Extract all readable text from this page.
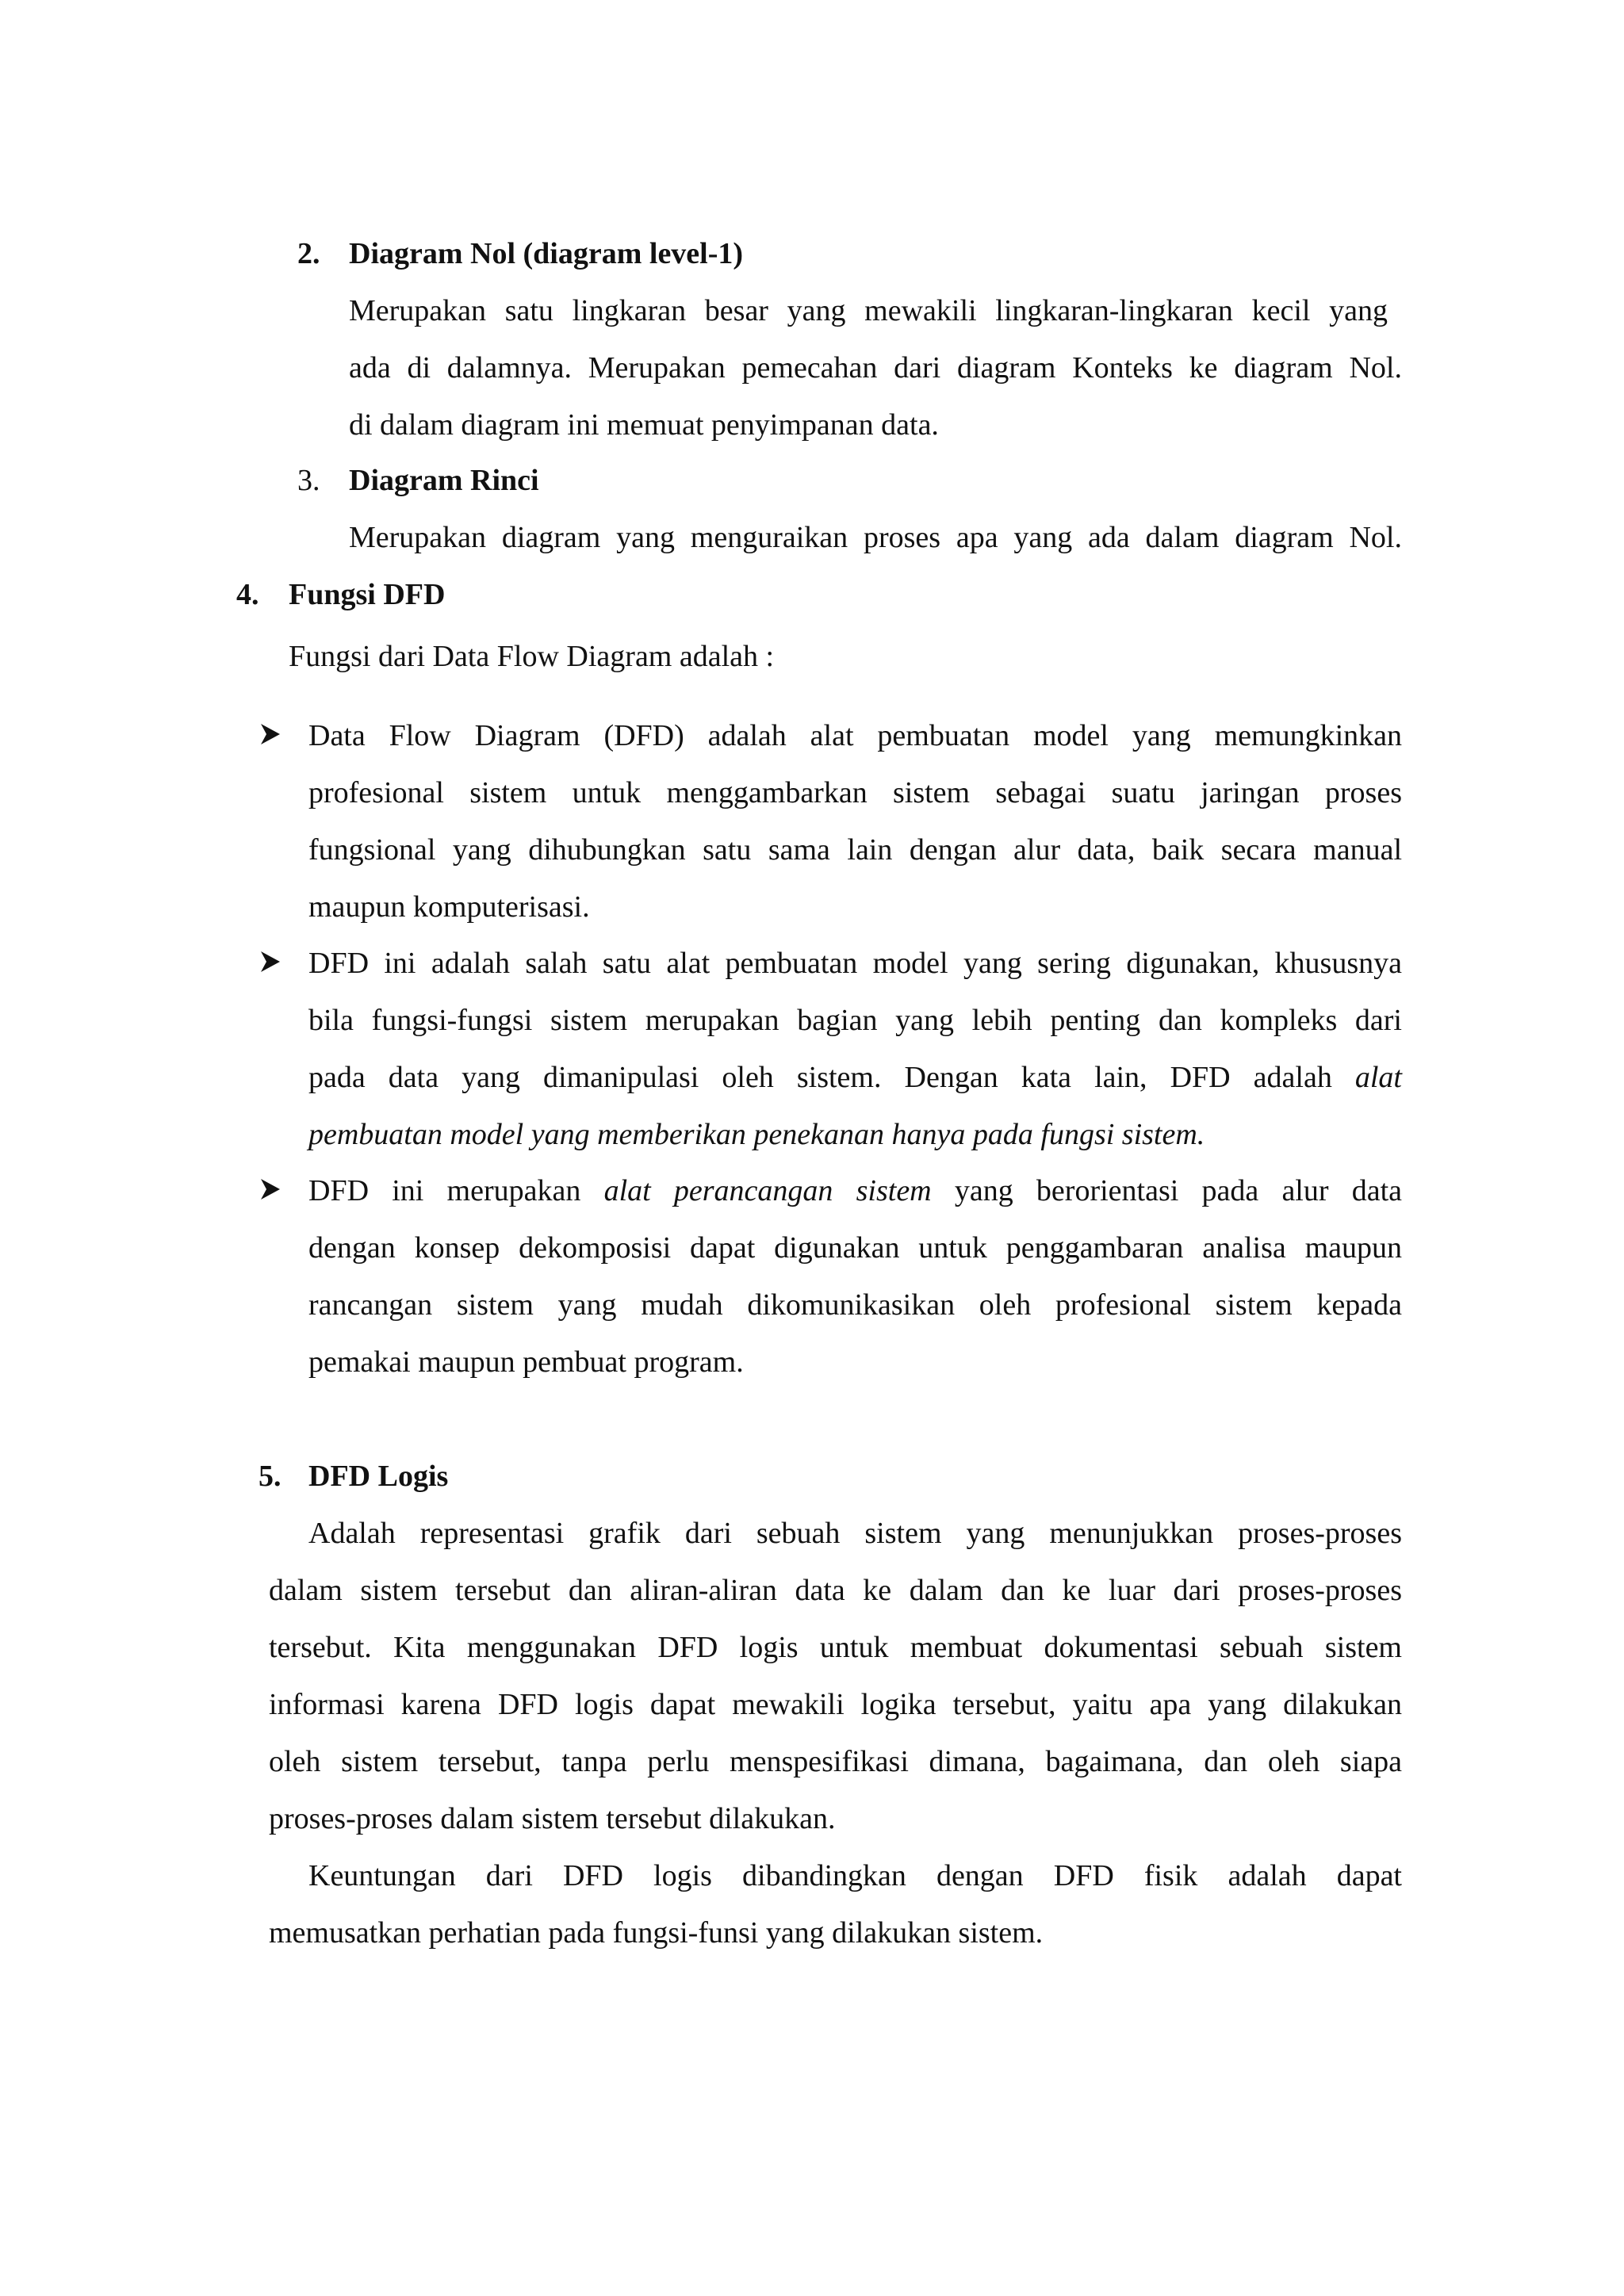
2. Diagram Nol (diagram level-1)
Merupakan satu lingkaran besar yang mewakili lingkaran-lingkaran kecil yang
ada di dalamnya. Merupakan pemecahan dari diagram Konteks ke diagram Nol.
di dalam diagram ini memuat penyimpanan data.
3. Diagram Rinci
Merupakan diagram yang menguraikan proses apa yang ada dalam diagram Nol.
4. Fungsi DFD
Fungsi dari Data Flow Diagram adalah :
Data Flow Diagram (DFD) adalah alat pembuatan model yang memungkinkan
profesional sistem untuk menggambarkan sistem sebagai suatu jaringan proses
fungsional yang dihubungkan satu sama lain dengan alur data, baik secara manual
maupun komputerisasi.
DFD ini adalah salah satu alat pembuatan model yang sering digunakan, khususnya
bila fungsi-fungsi sistem merupakan bagian yang lebih penting dan kompleks dari
pada data yang dimanipulasi oleh sistem. Dengan kata lain, DFD adalah alat
pembuatan model yang memberikan penekanan hanya pada fungsi sistem.
DFD ini merupakan alat perancangan sistem yang berorientasi pada alur data
dengan konsep dekomposisi dapat digunakan untuk penggambaran analisa maupun
rancangan sistem yang mudah dikomunikasikan oleh profesional sistem kepada
pemakai maupun pembuat program.
5. DFD Logis
Adalah representasi grafik dari sebuah sistem yang menunjukkan proses-proses
dalam sistem tersebut dan aliran-aliran data ke dalam dan ke luar dari proses-proses
tersebut. Kita menggunakan DFD logis untuk membuat dokumentasi sebuah sistem
informasi karena DFD logis dapat mewakili logika tersebut, yaitu apa yang dilakukan
oleh sistem tersebut, tanpa perlu menspesifikasi dimana, bagaimana, dan oleh siapa
proses-proses dalam sistem tersebut dilakukan.
Keuntungan dari DFD logis dibandingkan dengan DFD fisik adalah dapat
memusatkan perhatian pada fungsi-funsi yang dilakukan sistem.
